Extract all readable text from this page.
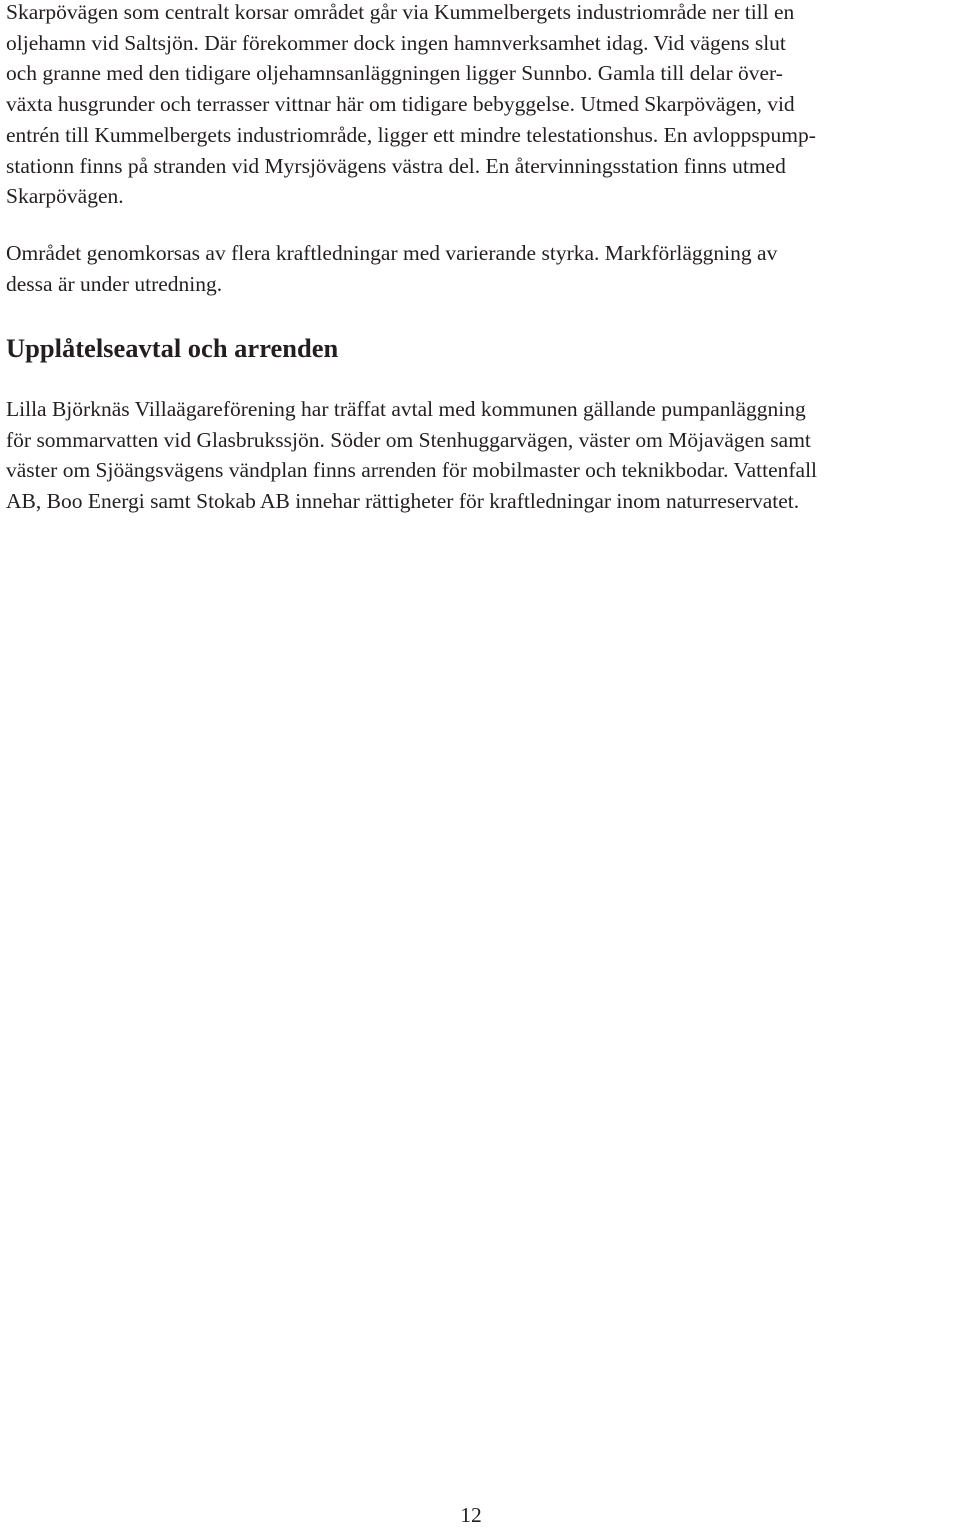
Skarpövägen som centralt korsar området går via Kummelbergets industriområde ner till en
oljehamn vid Saltsjön. Där förekommer dock ingen hamnverksamhet idag. Vid vägens slut
och granne med den tidigare oljehamnsanläggningen ligger Sunnbo. Gamla till delar över-
växta husgrunder och terrasser vittnar här om tidigare bebyggelse. Utmed Skarpövägen, vid
entrén till Kummelbergets industriområde, ligger ett mindre telestationshus. En avloppspump-
stationn finns på stranden vid Myrsjövägens västra del. En återvinningsstation finns utmed
Skarpövägen.

Området genomkorsas av flera kraftledningar med varierande styrka. Markförläggning av
dessa är under utredning.

Upplåtelseavtal och arrenden

Lilla Björknäs Villaägareförening har träffat avtal med kommunen gällande pumpanläggning
för sommarvatten vid Glasbrukssjön. Söder om Stenhuggarvägen, väster om Möjavägen samt
väster om Sjöängsvägens vändplan finns arrenden för mobilmaster och teknikbodar. Vattenfall
AB, Boo Energi samt Stokab AB innehar rättigheter för kraftledningar inom naturreservatet.

12
